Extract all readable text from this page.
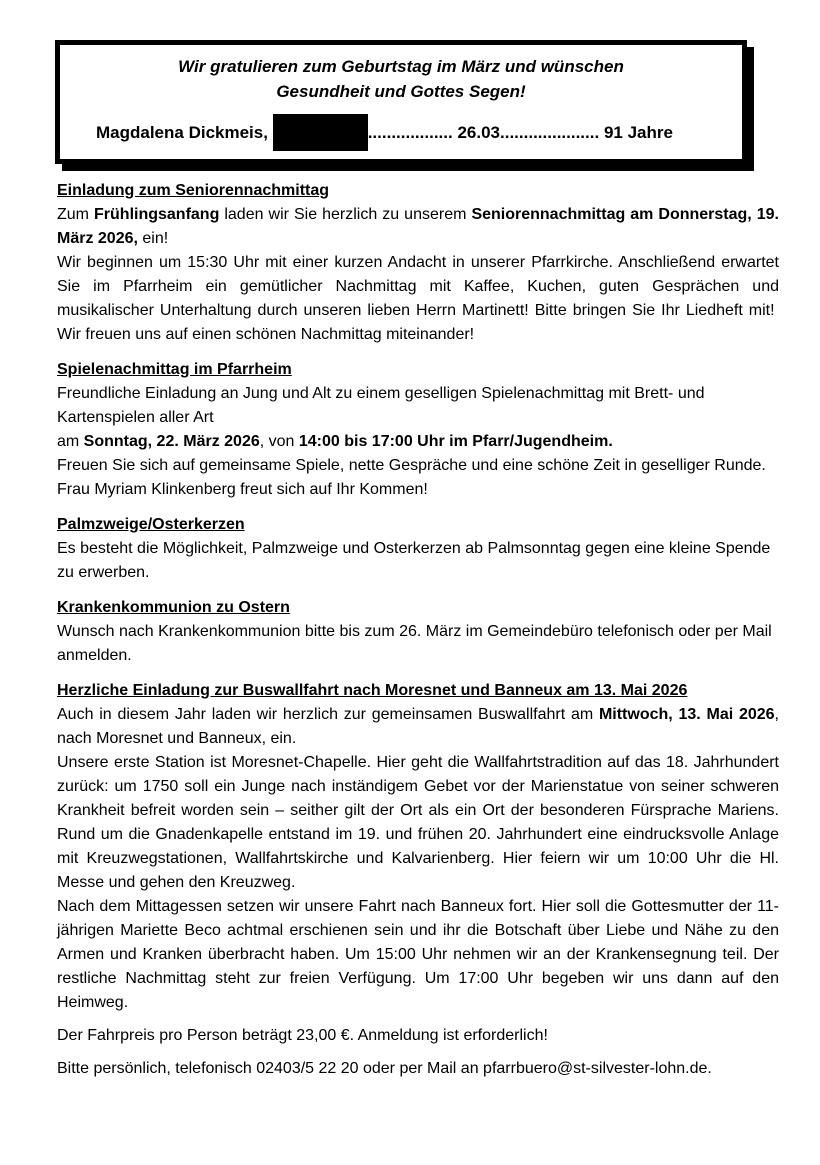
Wir gratulieren zum Geburtstag im März und wünschen
Gesundheit und Gottes Segen!
Magdalena Dickmeis,	.................. 26.03..................... 91 Jahre
Einladung zum Seniorennachmittag

Zum Frühlingsanfang laden wir Sie herzlich zu unserem Seniorennachmittag am Donnerstag, 19. März 2026, ein!

Wir beginnen um 15:30 Uhr mit einer kurzen Andacht in unserer Pfarrkirche. Anschließend erwartet Sie im Pfarrheim ein gemütlicher Nachmittag mit Kaffee, Kuchen, guten Gesprächen und musikalischer Unterhaltung durch unseren lieben Herrn Martinett! Bitte bringen Sie Ihr Liedheft mit!  Wir freuen uns auf einen schönen Nachmittag miteinander!

Spielenachmittag im Pfarrheim

Freundliche Einladung an Jung und Alt zu einem geselligen Spielenachmittag mit Brett- und Kartenspielen aller Art

am Sonntag, 22. März 2026, von 14:00 bis 17:00 Uhr im Pfarr/Jugendheim.

Freuen Sie sich auf gemeinsame Spiele, nette Gespräche und eine schöne Zeit in geselliger Runde.

Frau Myriam Klinkenberg freut sich auf Ihr Kommen!

Palmzweige/Osterkerzen

Es besteht die Möglichkeit, Palmzweige und Osterkerzen ab Palmsonntag gegen eine kleine Spende zu erwerben.

Krankenkommunion zu Ostern

Wunsch nach Krankenkommunion bitte bis zum 26. März im Gemeindebüro telefonisch oder per Mail anmelden.

Herzliche Einladung zur Buswallfahrt nach Moresnet und Banneux am 13. Mai 2026

Auch in diesem Jahr laden wir herzlich zur gemeinsamen Buswallfahrt am Mittwoch, 13. Mai 2026, nach Moresnet und Banneux, ein.

Unsere erste Station ist Moresnet-Chapelle. Hier geht die Wallfahrtstradition auf das 18. Jahrhundert zurück: um 1750 soll ein Junge nach inständigem Gebet vor der Marienstatue von seiner schweren Krankheit befreit worden sein – seither gilt der Ort als ein Ort der besonderen Fürsprache Mariens. Rund um die Gnadenkapelle entstand im 19. und frühen 20. Jahrhundert eine eindrucksvolle Anlage mit Kreuzwegstationen, Wallfahrtskirche und Kalvarienberg. Hier feiern wir um 10:00 Uhr die Hl. Messe und gehen den Kreuzweg.

Nach dem Mittagessen setzen wir unsere Fahrt nach Banneux fort. Hier soll die Gottesmutter der 11-jährigen Mariette Beco achtmal erschienen sein und ihr die Botschaft über Liebe und Nähe zu den Armen und Kranken überbracht haben. Um 15:00 Uhr nehmen wir an der Krankensegnung teil. Der restliche Nachmittag steht zur freien Verfügung. Um 17:00 Uhr begeben wir uns dann auf den Heimweg.

Der Fahrpreis pro Person beträgt 23,00 €. Anmeldung ist erforderlich!

Bitte persönlich, telefonisch 02403/5 22 20 oder per Mail an pfarrbuero@st-silvester-lohn.de.
